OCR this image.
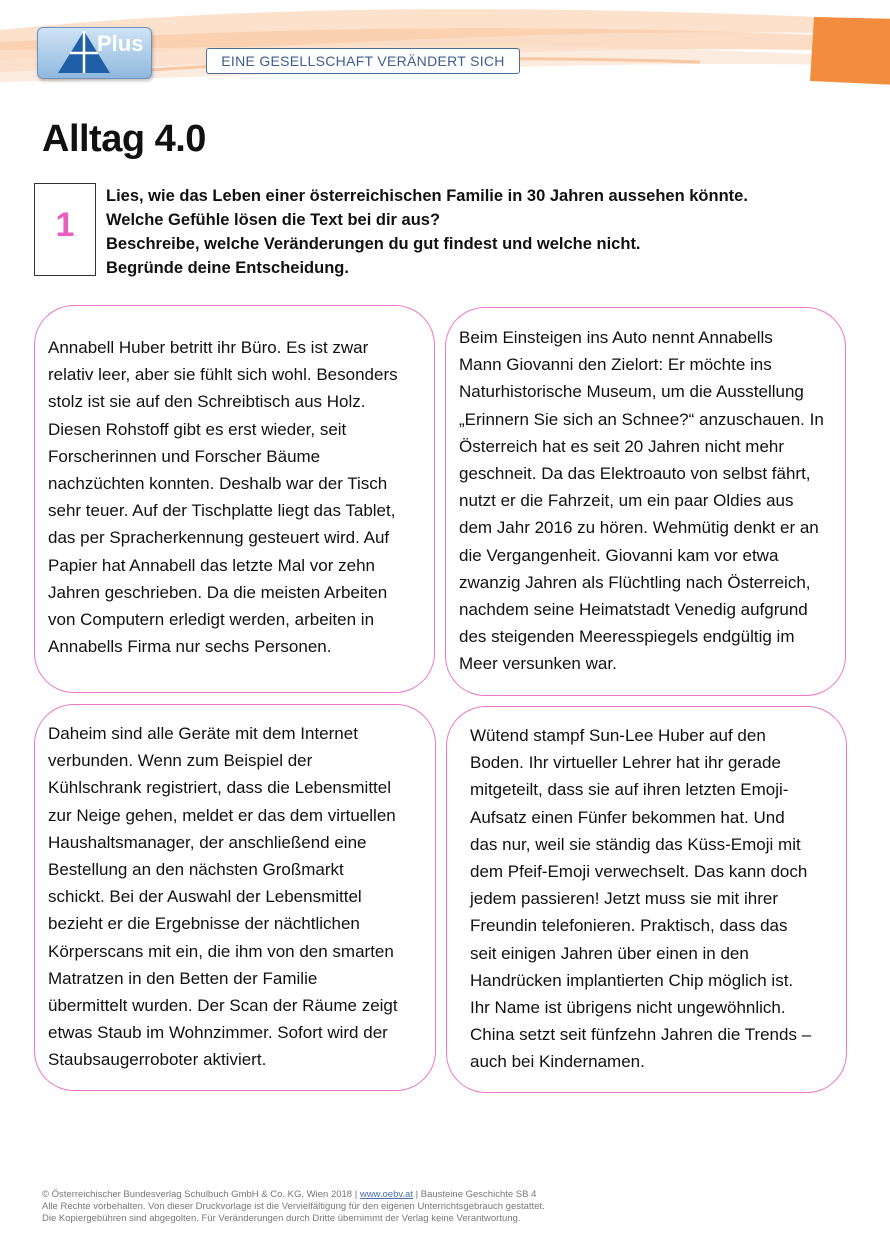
Plus
EINE GESELLSCHAFT VERÄNDERT SICH
Alltag 4.0
1
Lies, wie das Leben einer österreichischen Familie in 30 Jahren aussehen könnte.
Welche Gefühle lösen die Text bei dir aus?
Beschreibe, welche Veränderungen du gut findest und welche nicht.
Begründe deine Entscheidung.
Annabell Huber betritt ihr Büro. Es ist zwar
relativ leer, aber sie fühlt sich wohl. Besonders
stolz ist sie auf den Schreibtisch aus Holz.
Diesen Rohstoff gibt es erst wieder, seit
Forscherinnen und Forscher Bäume
nachzüchten konnten. Deshalb war der Tisch
sehr teuer. Auf der Tischplatte liegt das Tablet,
das per Spracherkennung gesteuert wird. Auf
Papier hat Annabell das letzte Mal vor zehn
Jahren geschrieben. Da die meisten Arbeiten
von Computern erledigt werden, arbeiten in
Annabells Firma nur sechs Personen.
Beim Einsteigen ins Auto nennt Annabells
Mann Giovanni den Zielort: Er möchte ins
Naturhistorische Museum, um die Ausstellung
„Erinnern Sie sich an Schnee?“ anzuschauen. In
Österreich hat es seit 20 Jahren nicht mehr
geschneit. Da das Elektroauto von selbst fährt,
nutzt er die Fahrzeit, um ein paar Oldies aus
dem Jahr 2016 zu hören. Wehmütig denkt er an
die Vergangenheit. Giovanni kam vor etwa
zwanzig Jahren als Flüchtling nach Österreich,
nachdem seine Heimatstadt Venedig aufgrund
des steigenden Meeresspiegels endgültig im
Meer versunken war.
Daheim sind alle Geräte mit dem Internet
verbunden. Wenn zum Beispiel der
Kühlschrank registriert, dass die Lebensmittel
zur Neige gehen, meldet er das dem virtuellen
Haushaltsmanager, der anschließend eine
Bestellung an den nächsten Großmarkt
schickt. Bei der Auswahl der Lebensmittel
bezieht er die Ergebnisse der nächtlichen
Körperscans mit ein, die ihm von den smarten
Matratzen in den Betten der Familie
übermittelt wurden. Der Scan der Räume zeigt
etwas Staub im Wohnzimmer. Sofort wird der
Staubsaugerroboter aktiviert.
Wütend stampf Sun-Lee Huber auf den
Boden. Ihr virtueller Lehrer hat ihr gerade
mitgeteilt, dass sie auf ihren letzten Emoji-
Aufsatz einen Fünfer bekommen hat. Und
das nur, weil sie ständig das Küss-Emoji mit
dem Pfeif-Emoji verwechselt. Das kann doch
jedem passieren! Jetzt muss sie mit ihrer
Freundin telefonieren. Praktisch, dass das
seit einigen Jahren über einen in den
Handrücken implantierten Chip möglich ist.
Ihr Name ist übrigens nicht ungewöhnlich.
China setzt seit fünfzehn Jahren die Trends –
auch bei Kindernamen.
© Österreichischer Bundesverlag Schulbuch GmbH & Co. KG, Wien 2018 | www.oebv.at | Bausteine Geschichte SB 4
Alle Rechte vorbehalten. Von dieser Druckvorlage ist die Vervielfältigung für den eigenen Unterrichtsgebrauch gestattet.
Die Kopiergebühren sind abgegolten. Für Veränderungen durch Dritte übernimmt der Verlag keine Verantwortung.
